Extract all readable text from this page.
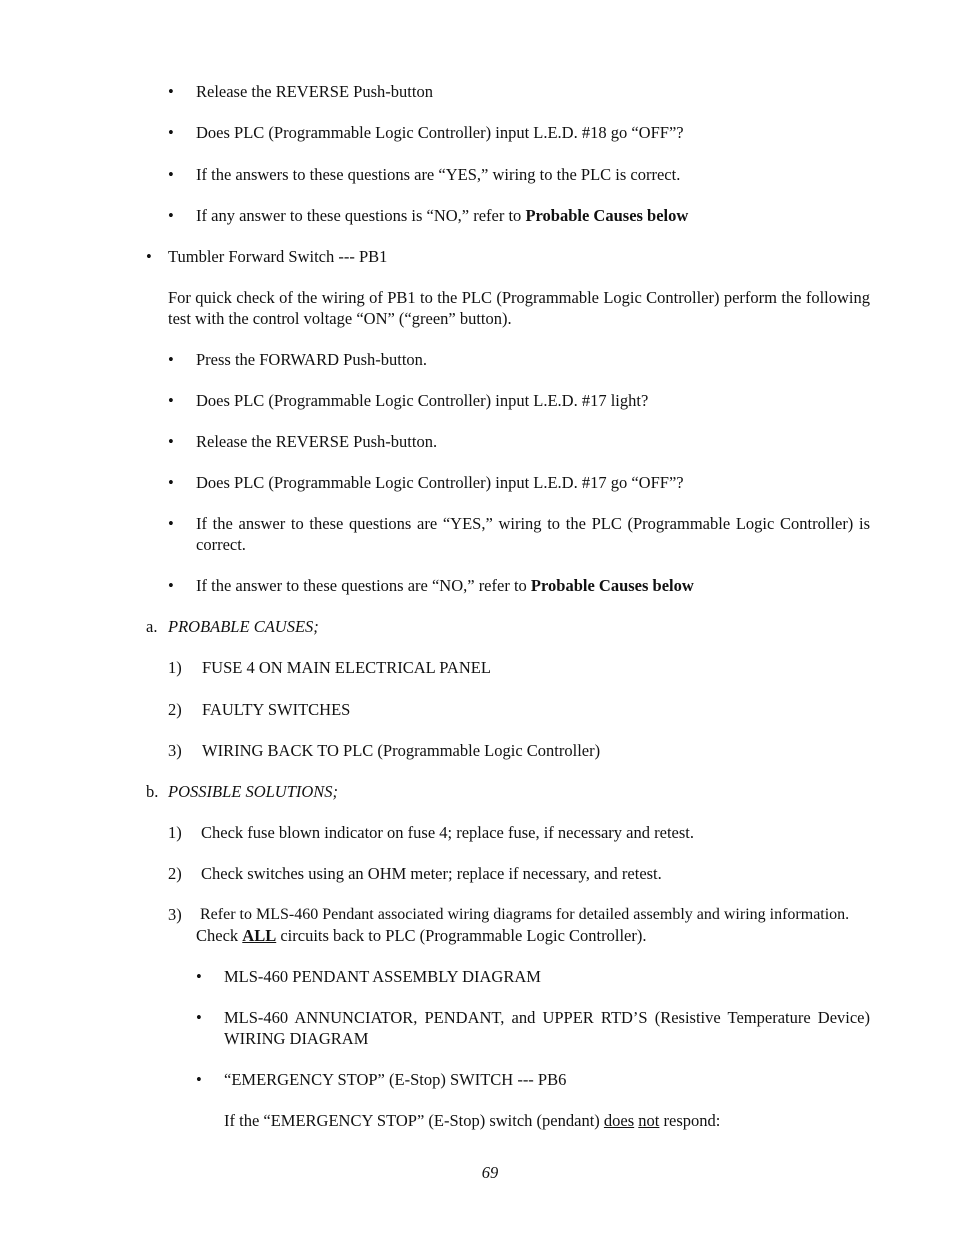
• Release the REVERSE Push-button
• Does PLC (Programmable Logic Controller) input L.E.D. #18 go “OFF”?
• If the answers to these questions are “YES,” wiring to the PLC is correct.
• If any answer to these questions is “NO,” refer to Probable Causes below
• Tumbler Forward Switch --- PB1
For quick check of the wiring of PB1 to the PLC (Programmable Logic Controller) perform the following test with the control voltage “ON” (“green” button).
• Press the FORWARD Push-button.
• Does PLC (Programmable Logic Controller) input L.E.D. #17 light?
• Release the REVERSE Push-button.
• Does PLC (Programmable Logic Controller) input L.E.D. #17 go “OFF”?
• If the answer to these questions are “YES,” wiring to the PLC (Programmable Logic Controller) is correct.
• If the answer to these questions are “NO,” refer to Probable Causes below
a. PROBABLE CAUSES;
1) FUSE 4 ON MAIN ELECTRICAL PANEL
2) FAULTY SWITCHES
3) WIRING BACK TO PLC (Programmable Logic Controller)
b. POSSIBLE SOLUTIONS;
1) Check fuse blown indicator on fuse 4; replace fuse, if necessary and retest.
2) Check switches using an OHM meter; replace if necessary, and retest.
3) Refer to MLS-460 Pendant associated wiring diagrams for detailed assembly and wiring information.
Check ALL circuits back to PLC (Programmable Logic Controller).
• MLS-460 PENDANT ASSEMBLY DIAGRAM
• MLS-460 ANNUNCIATOR, PENDANT, and UPPER RTD’S (Resistive Temperature Device) WIRING DIAGRAM
• “EMERGENCY STOP” (E-Stop) SWITCH --- PB6
If the “EMERGENCY STOP” (E-Stop) switch (pendant) does not respond:
69
